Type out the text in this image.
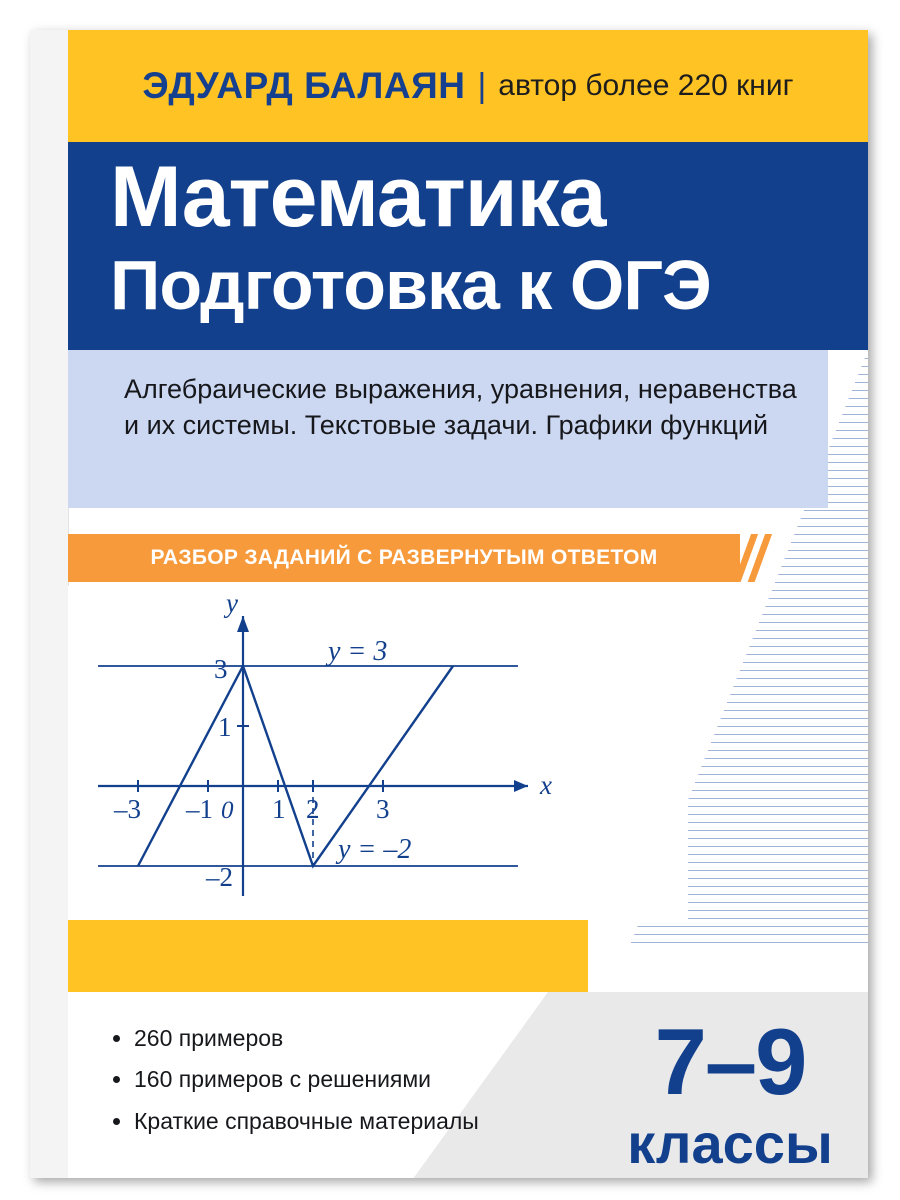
ЭДУАРД БАЛАЯН | автор более 220 книг
Математика
Подготовка к ОГЭ
Алгебраические выражения, уравнения, неравенства и их системы. Текстовые задачи. Графики функций
РАЗБОР ЗАДАНИЙ С РАЗВЕРНУТЫМ ОТВЕТОМ
x
y
–3 –1 1 2 3
0
3
1
–2
y = 3
y = –2
• 260 примеров
• 160 примеров с решениями
• Краткие справочные материалы
7–9
классы
